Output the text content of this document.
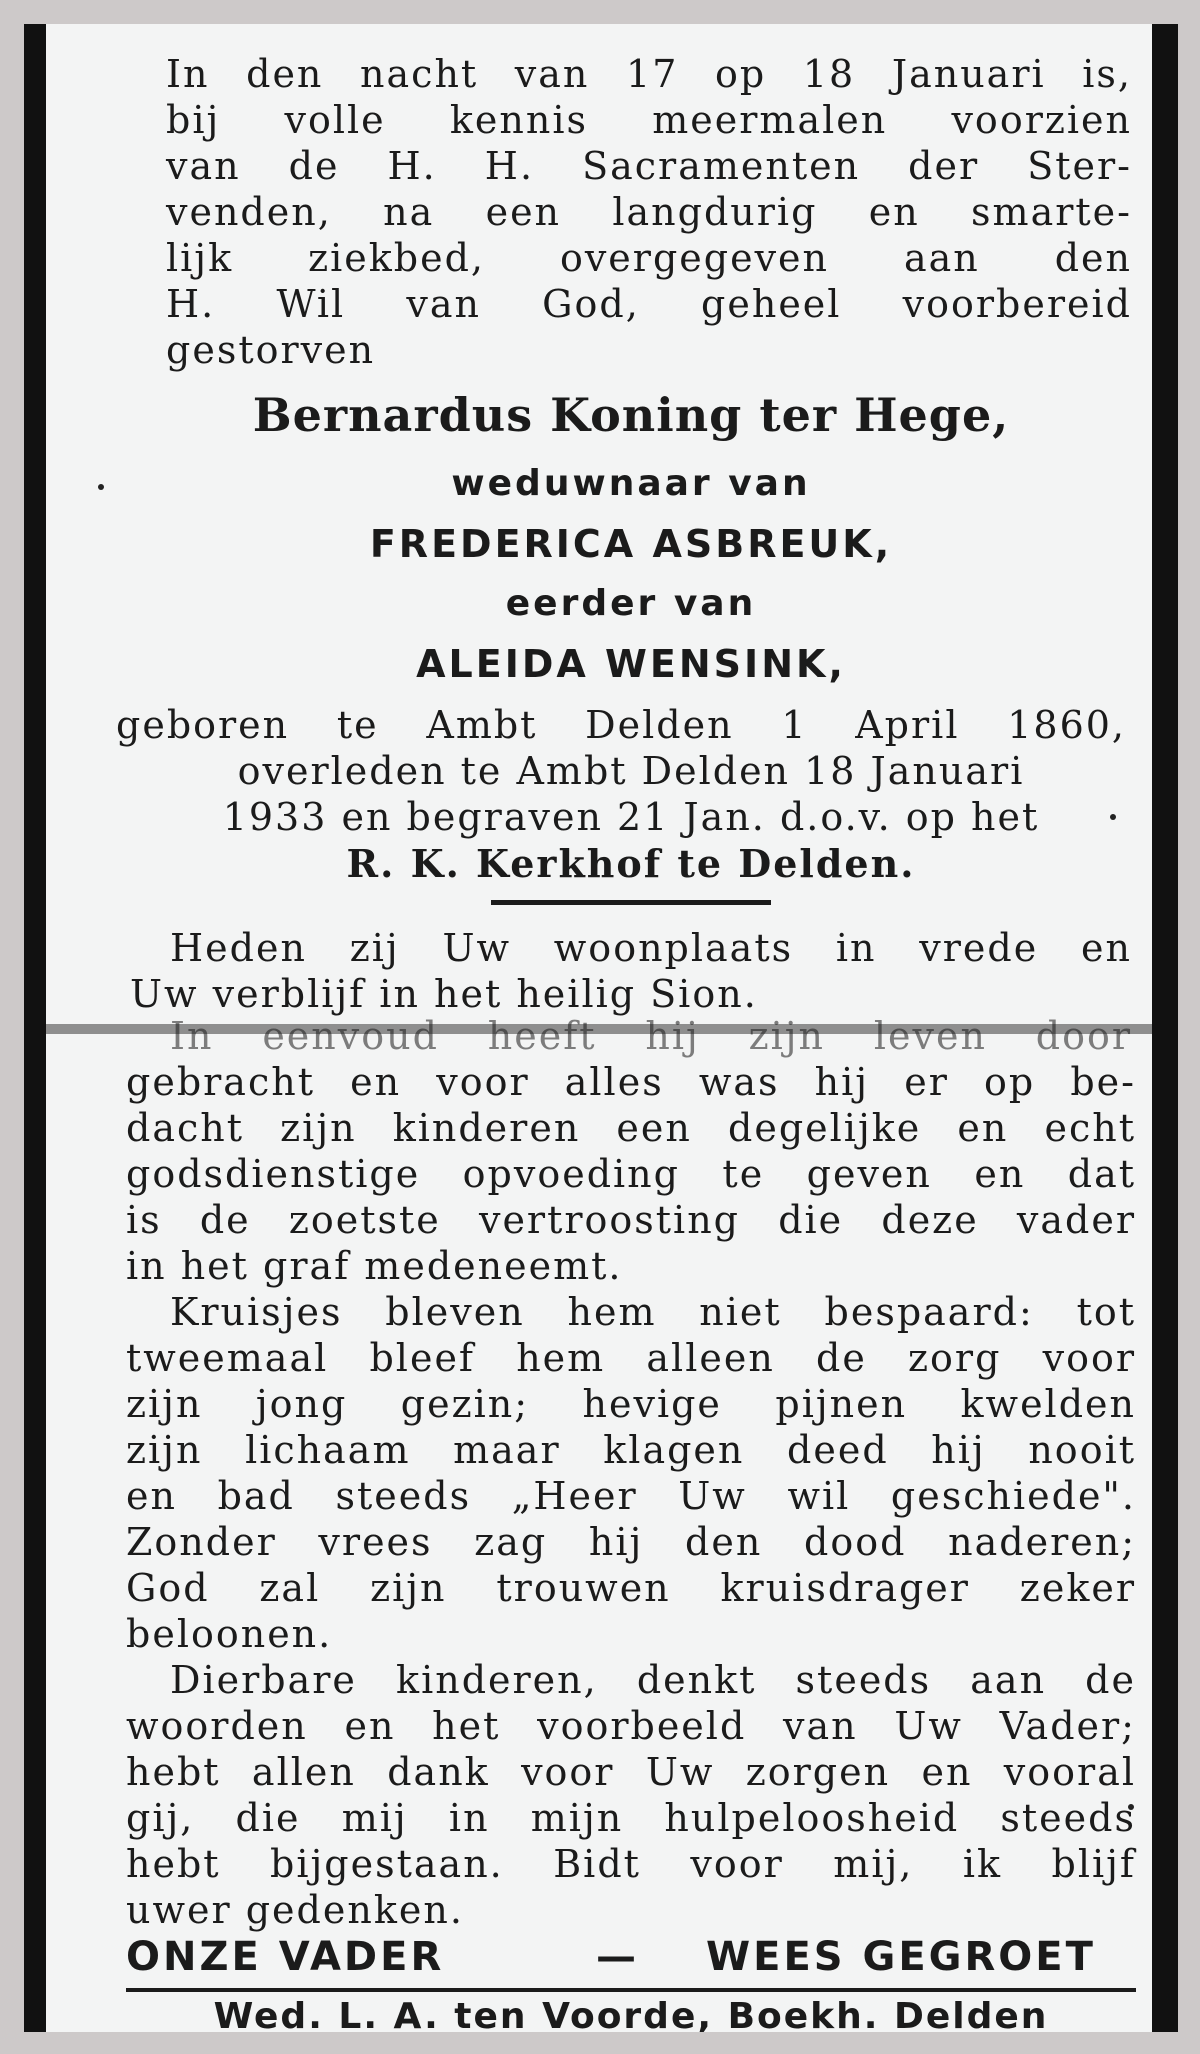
In den nacht van 17 op 18 Januari is,
bij volle kennis meermalen voorzien
van de H. H. Sacramenten der Ster-
venden, na een langdurig en smarte-
lijk ziekbed, overgegeven aan den
H. Wil van God, geheel voorbereid
gestorven
Bernardus Koning ter Hege,
weduwnaar van
FREDERICA ASBREUK,
eerder van
ALEIDA WENSINK,
geboren te Ambt Delden 1 April 1860,
overleden te Ambt Delden 18 Januari
1933 en begraven 21 Jan. d.o.v. op het
R. K. Kerkhof te Delden.
Heden zij Uw woonplaats in vrede en
Uw verblijf in het heilig Sion.
In eenvoud heeft hij zijn leven door
gebracht en voor alles was hij er op be-
dacht zijn kinderen een degelijke en echt
godsdienstige opvoeding te geven en dat
is de zoetste vertroosting die deze vader
in het graf medeneemt.
Kruisjes bleven hem niet bespaard: tot
tweemaal bleef hem alleen de zorg voor
zijn jong gezin; hevige pijnen kwelden
zijn lichaam maar klagen deed hij nooit
en bad steeds „Heer Uw wil geschiede".
Zonder vrees zag hij den dood naderen;
God zal zijn trouwen kruisdrager zeker
beloonen.
Dierbare kinderen, denkt steeds aan de
woorden en het voorbeeld van Uw Vader;
hebt allen dank voor Uw zorgen en vooral
gij, die mij in mijn hulpeloosheid steeds
hebt bijgestaan. Bidt voor mij, ik blijf
uwer gedenken.
ONZE VADER	— WEES GEGROET
Wed. L. A. ten Voorde, Boekh. Delden
